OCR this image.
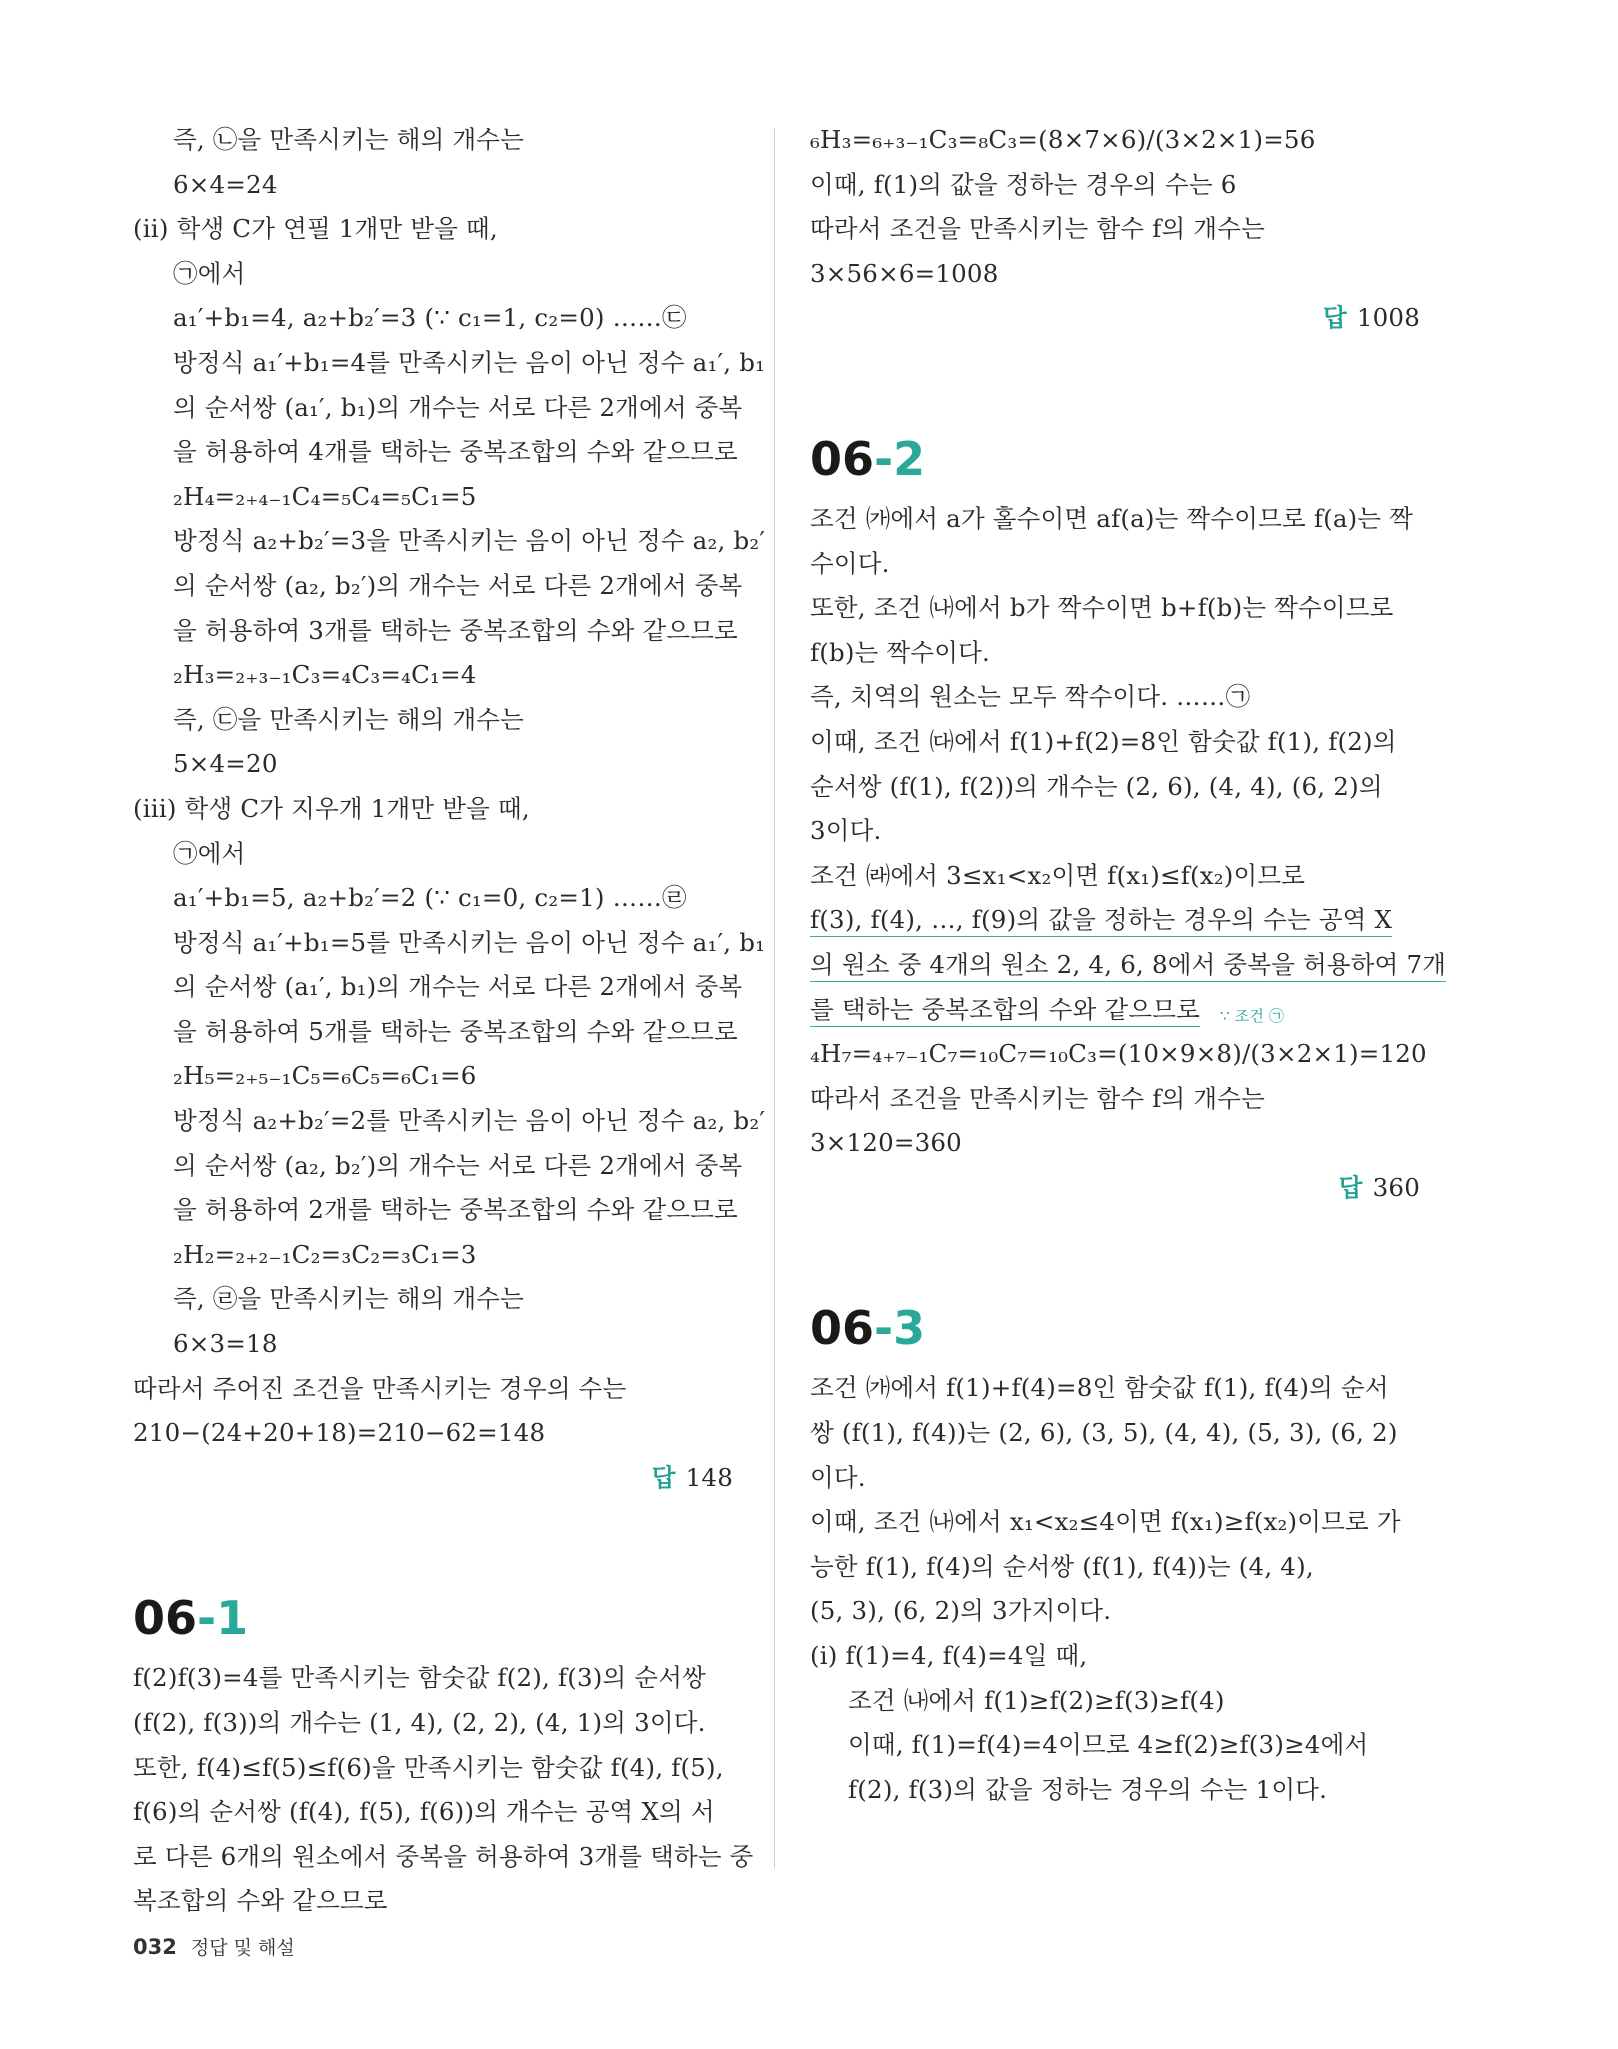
즉, ㉡을 만족시키는 해의 개수는
6×4=24
(ii) 학생 C가 연필 1개만 받을 때,
㉠에서
a₁′+b₁=4, a₂+b₂′=3 (∵ c₁=1, c₂=0) ……㉢
방정식 a₁′+b₁=4를 만족시키는 음이 아닌 정수 a₁′, b₁
의 순서쌍 (a₁′, b₁)의 개수는 서로 다른 2개에서 중복
을 허용하여 4개를 택하는 중복조합의 수와 같으므로
₂H₄=₂₊₄₋₁C₄=₅C₄=₅C₁=5
방정식 a₂+b₂′=3을 만족시키는 음이 아닌 정수 a₂, b₂′
의 순서쌍 (a₂, b₂′)의 개수는 서로 다른 2개에서 중복
을 허용하여 3개를 택하는 중복조합의 수와 같으므로
₂H₃=₂₊₃₋₁C₃=₄C₃=₄C₁=4
즉, ㉢을 만족시키는 해의 개수는
5×4=20
(iii) 학생 C가 지우개 1개만 받을 때,
㉠에서
a₁′+b₁=5, a₂+b₂′=2 (∵ c₁=0, c₂=1) ……㉣
방정식 a₁′+b₁=5를 만족시키는 음이 아닌 정수 a₁′, b₁
의 순서쌍 (a₁′, b₁)의 개수는 서로 다른 2개에서 중복
을 허용하여 5개를 택하는 중복조합의 수와 같으므로
₂H₅=₂₊₅₋₁C₅=₆C₅=₆C₁=6
방정식 a₂+b₂′=2를 만족시키는 음이 아닌 정수 a₂, b₂′
의 순서쌍 (a₂, b₂′)의 개수는 서로 다른 2개에서 중복
을 허용하여 2개를 택하는 중복조합의 수와 같으므로
₂H₂=₂₊₂₋₁C₂=₃C₂=₃C₁=3
즉, ㉣을 만족시키는 해의 개수는
6×3=18
따라서 주어진 조건을 만족시키는 경우의 수는
210−(24+20+18)=210−62=148
답 148
06-1
f(2)f(3)=4를 만족시키는 함숫값 f(2), f(3)의 순서쌍
(f(2), f(3))의 개수는 (1, 4), (2, 2), (4, 1)의 3이다.
또한, f(4)≤f(5)≤f(6)을 만족시키는 함숫값 f(4), f(5),
f(6)의 순서쌍 (f(4), f(5), f(6))의 개수는 공역 X의 서
로 다른 6개의 원소에서 중복을 허용하여 3개를 택하는 중
복조합의 수와 같으므로
₆H₃=₆₊₃₋₁C₃=₈C₃=(8×7×6)/(3×2×1)=56
이때, f(1)의 값을 정하는 경우의 수는 6
따라서 조건을 만족시키는 함수 f의 개수는
3×56×6=1008
답 1008
06-2
조건 ㈎에서 a가 홀수이면 af(a)는 짝수이므로 f(a)는 짝
수이다.
또한, 조건 ㈏에서 b가 짝수이면 b+f(b)는 짝수이므로
f(b)는 짝수이다.
즉, 치역의 원소는 모두 짝수이다. ……㉠
이때, 조건 ㈐에서 f(1)+f(2)=8인 함숫값 f(1), f(2)의
순서쌍 (f(1), f(2))의 개수는 (2, 6), (4, 4), (6, 2)의
3이다.
조건 ㈑에서 3≤x₁<x₂이면 f(x₁)≤f(x₂)이므로
f(3), f(4), …, f(9)의 값을 정하는 경우의 수는 공역 X
의 원소 중 4개의 원소 2, 4, 6, 8에서 중복을 허용하여 7개
를 택하는 중복조합의 수와 같으므로	∵ 조건 ㉠
₄H₇=₄₊₇₋₁C₇=₁₀C₇=₁₀C₃=(10×9×8)/(3×2×1)=120
따라서 조건을 만족시키는 함수 f의 개수는
3×120=360
답 360
06-3
조건 ㈎에서 f(1)+f(4)=8인 함숫값 f(1), f(4)의 순서
쌍 (f(1), f(4))는 (2, 6), (3, 5), (4, 4), (5, 3), (6, 2)
이다.
이때, 조건 ㈏에서 x₁<x₂≤4이면 f(x₁)≥f(x₂)이므로 가
능한 f(1), f(4)의 순서쌍 (f(1), f(4))는 (4, 4),
(5, 3), (6, 2)의 3가지이다.
(i) f(1)=4, f(4)=4일 때,
조건 ㈏에서 f(1)≥f(2)≥f(3)≥f(4)
이때, f(1)=f(4)=4이므로 4≥f(2)≥f(3)≥4에서
f(2), f(3)의 값을 정하는 경우의 수는 1이다.
032 정답 및 해설
